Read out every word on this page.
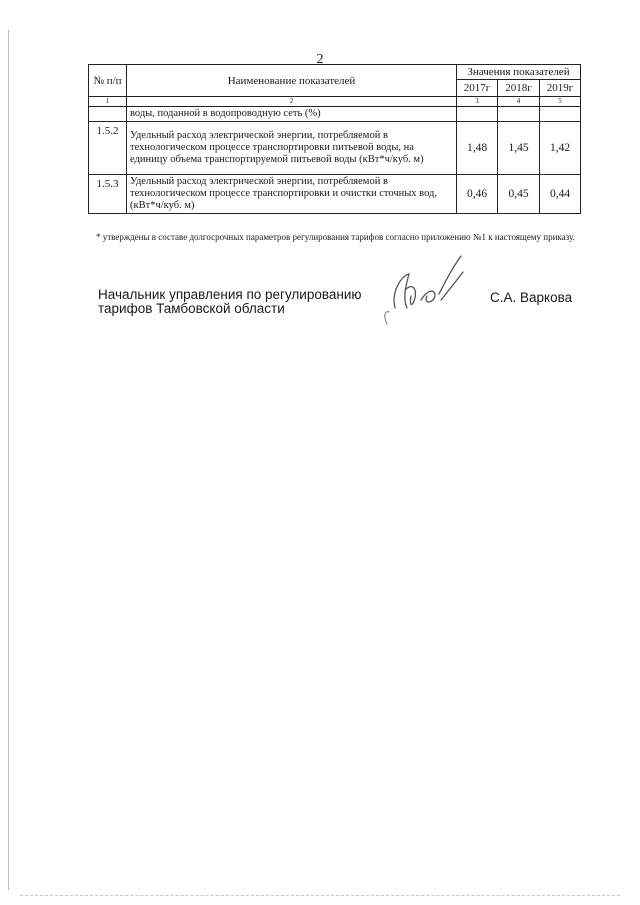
2
№ п/п	Наименование показателей	Значения показателей		
		2017г	2018г	2019г
1	2	3	4	5
	воды, поданной в водопроводную сеть (%)			
1.5.2	Удельный расход электрической энергии, потребляемой в технологическом процессе транспортировки питьевой воды, на единицу объема транспортируемой питьевой воды (кВт*ч/куб. м)	1,48	1,45	1,42
1.5.3	Удельный расход электрической энергии, потребляемой в технологическом процессе транспортировки и очистки сточных вод, (кВт*ч/куб. м)	0,46	0,45	0,44
* утверждены в составе долгосрочных параметров регулирования тарифов согласно приложению №1 к настоящему приказу.
Начальник управления по регулированию
тарифов Тамбовской области
С.А. Варкова
